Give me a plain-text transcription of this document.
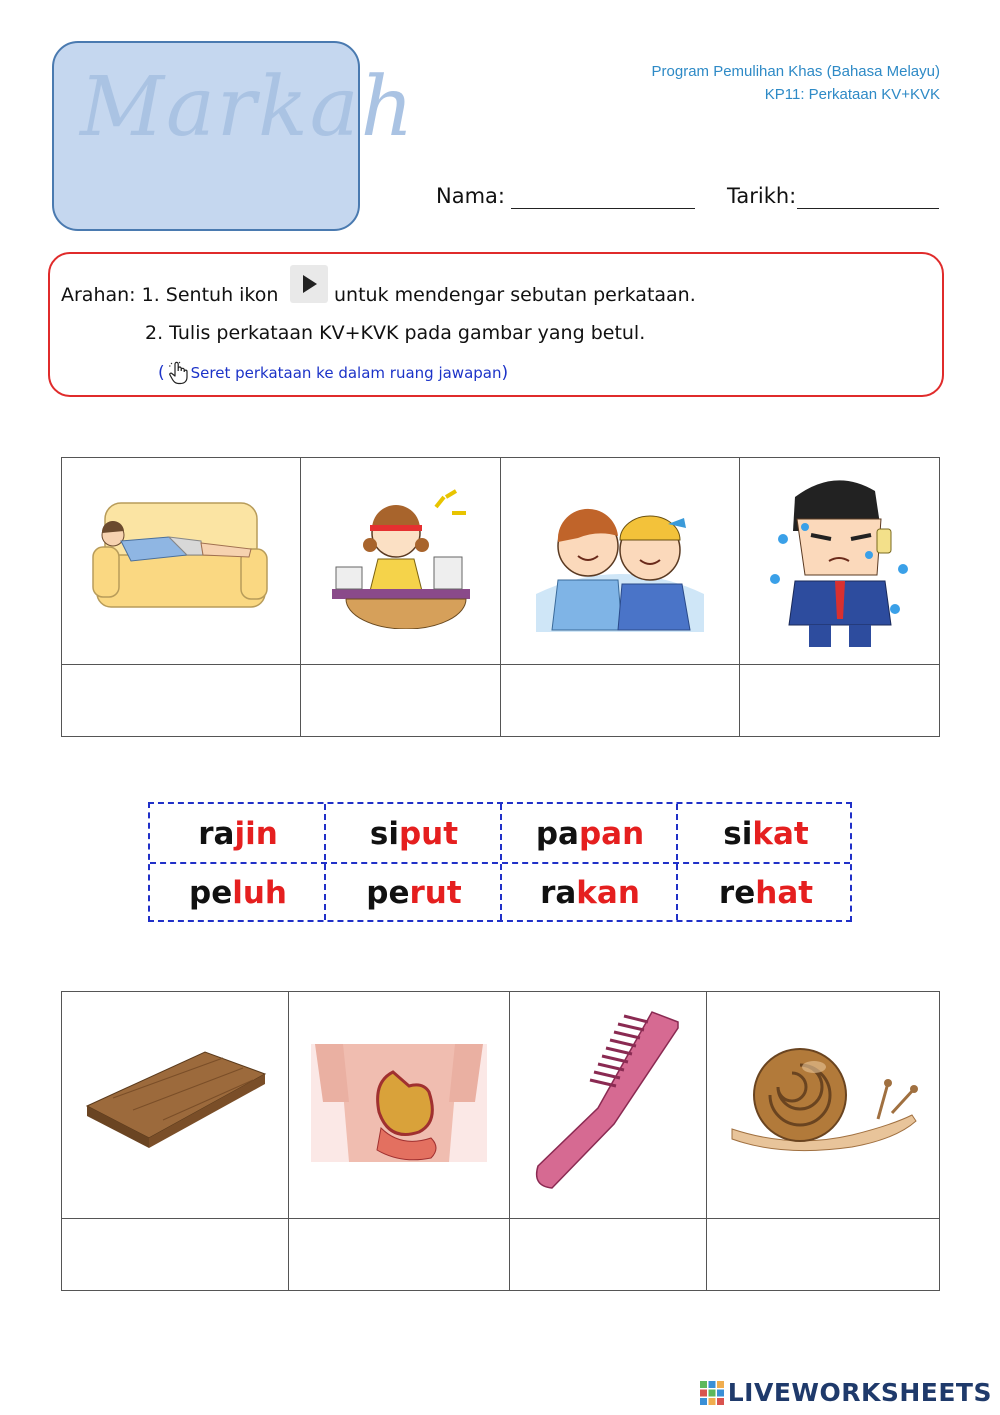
Markah	Program Pemulihan Khas (Bahasa Melayu)
KP11: Perkataan KV+KVK
Nama:	Tarikh:
Arahan: 1. Sentuh ikon	untuk mendengar sebutan perkataan.
2. Tulis perkataan KV+KVK pada gambar yang betul.
( Seret perkataan ke dalam ruang jawapan )

ra jin	si put	pa pan	si kat
pe luh	pe rut	ra kan	re hat

LIVEWORKSHEETS
